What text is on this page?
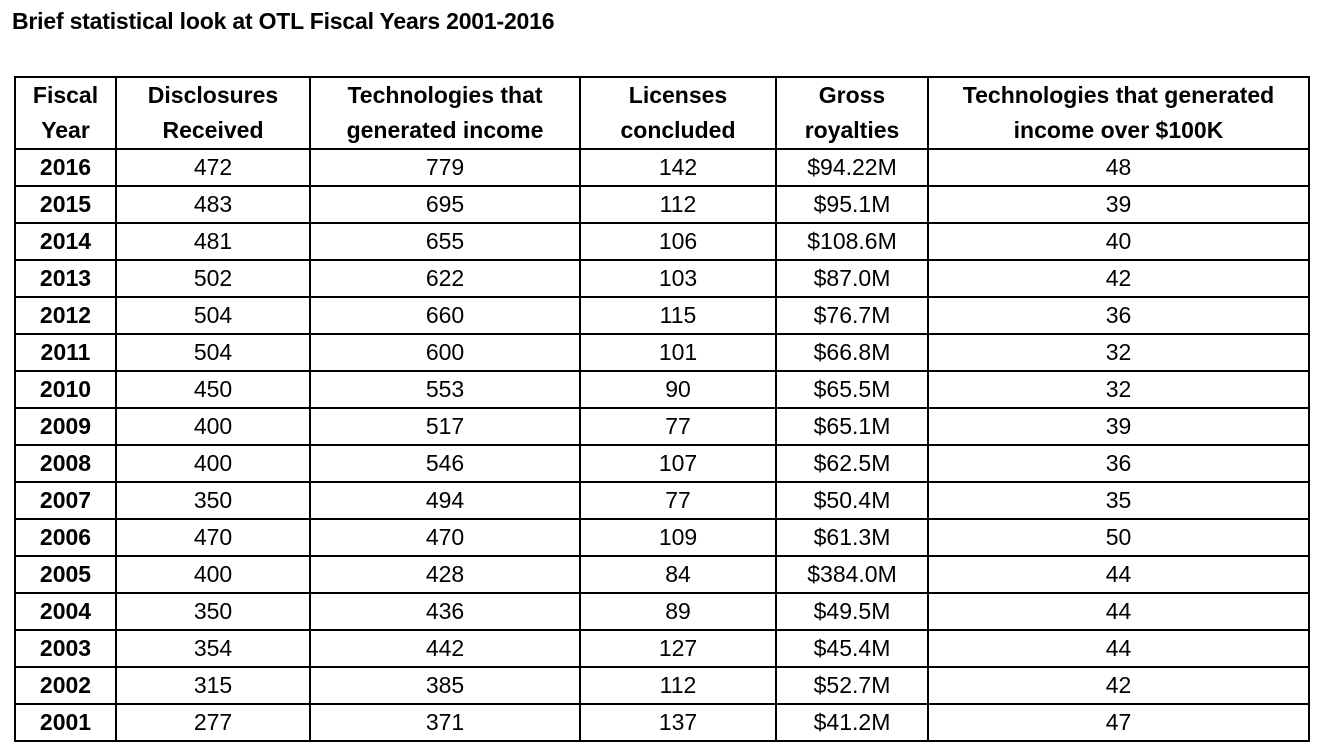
Brief statistical look at OTL Fiscal Years 2001-2016
Fiscal Year	Disclosures Received	Technologies that generated income	Licenses concluded	Gross royalties	Technologies that generated income over $100K
2016	472	779	142	$94.22M	48
2015	483	695	112	$95.1M	39
2014	481	655	106	$108.6M	40
2013	502	622	103	$87.0M	42
2012	504	660	115	$76.7M	36
2011	504	600	101	$66.8M	32
2010	450	553	90	$65.5M	32
2009	400	517	77	$65.1M	39
2008	400	546	107	$62.5M	36
2007	350	494	77	$50.4M	35
2006	470	470	109	$61.3M	50
2005	400	428	84	$384.0M	44
2004	350	436	89	$49.5M	44
2003	354	442	127	$45.4M	44
2002	315	385	112	$52.7M	42
2001	277	371	137	$41.2M	47
